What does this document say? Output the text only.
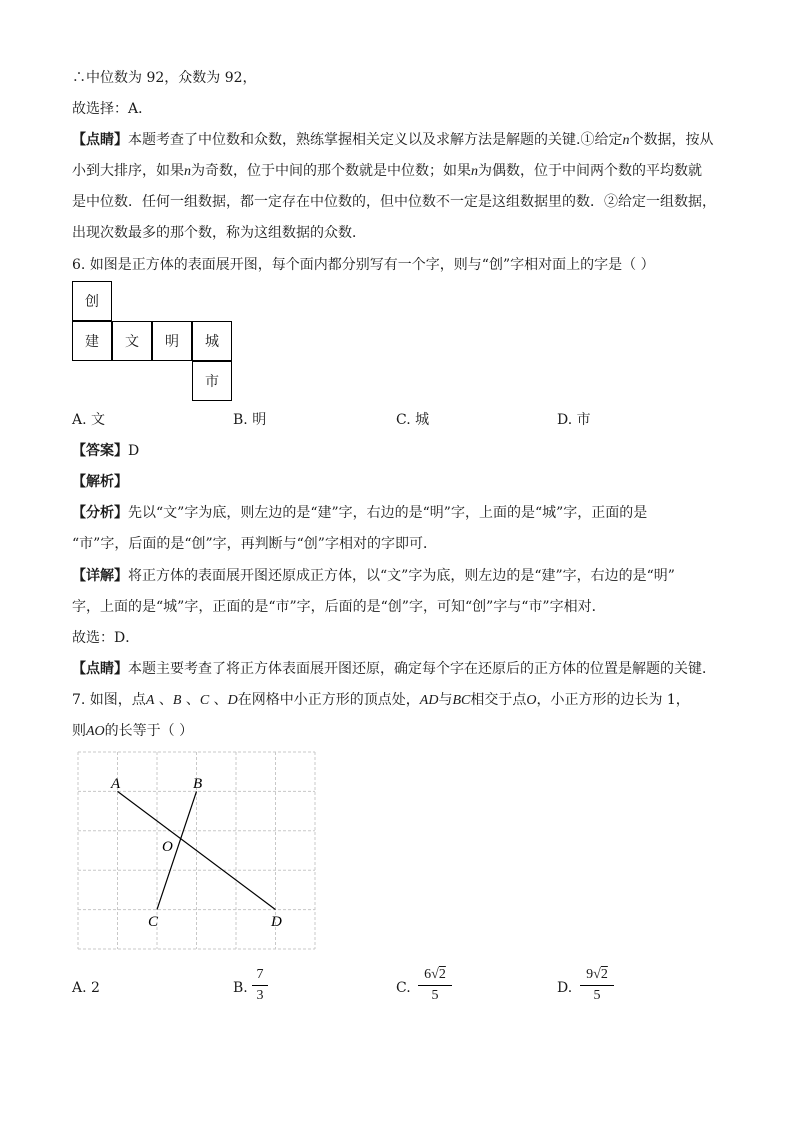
∴中位数为 92，众数为 92，
故选择：A．
【点睛】本题考查了中位数和众数，熟练掌握相关定义以及求解方法是解题的关键.①给定n个数据，按从
小到大排序，如果n为奇数，位于中间的那个数就是中位数；如果n为偶数，位于中间两个数的平均数就
是中位数．任何一组数据，都一定存在中位数的，但中位数不一定是这组数据里的数．②给定一组数据，
出现次数最多的那个数，称为这组数据的众数．
6. 如图是正方体的表面展开图，每个面内都分别写有一个字，则与“创”字相对面上的字是（ ）
创
建	文	明	城
市
A. 文	B. 明	C. 城	D. 市
【答案】D
【解析】
【分析】先以“文”字为底，则左边的是“建”字，右边的是“明”字，上面的是“城”字，正面的是
“市”字，后面的是“创”字，再判断与“创”字相对的字即可．
【详解】将正方体的表面展开图还原成正方体，以“文”字为底，则左边的是“建”字，右边的是“明”
字，上面的是“城”字，正面的是“市”字，后面的是“创”字，可知“创”字与“市”字相对．
故选：D．
【点睛】本题主要考查了将正方体表面展开图还原，确定每个字在还原后的正方体的位置是解题的关键．
7. 如图，点A 、B 、C 、D在网格中小正方形的顶点处，AD与BC相交于点O，小正方形的边长为 1，
则AO的长等于（ ）
A	B
O
C	D
A. 2	B.
7
3	C.
6√2
5	D.
9√2
5
